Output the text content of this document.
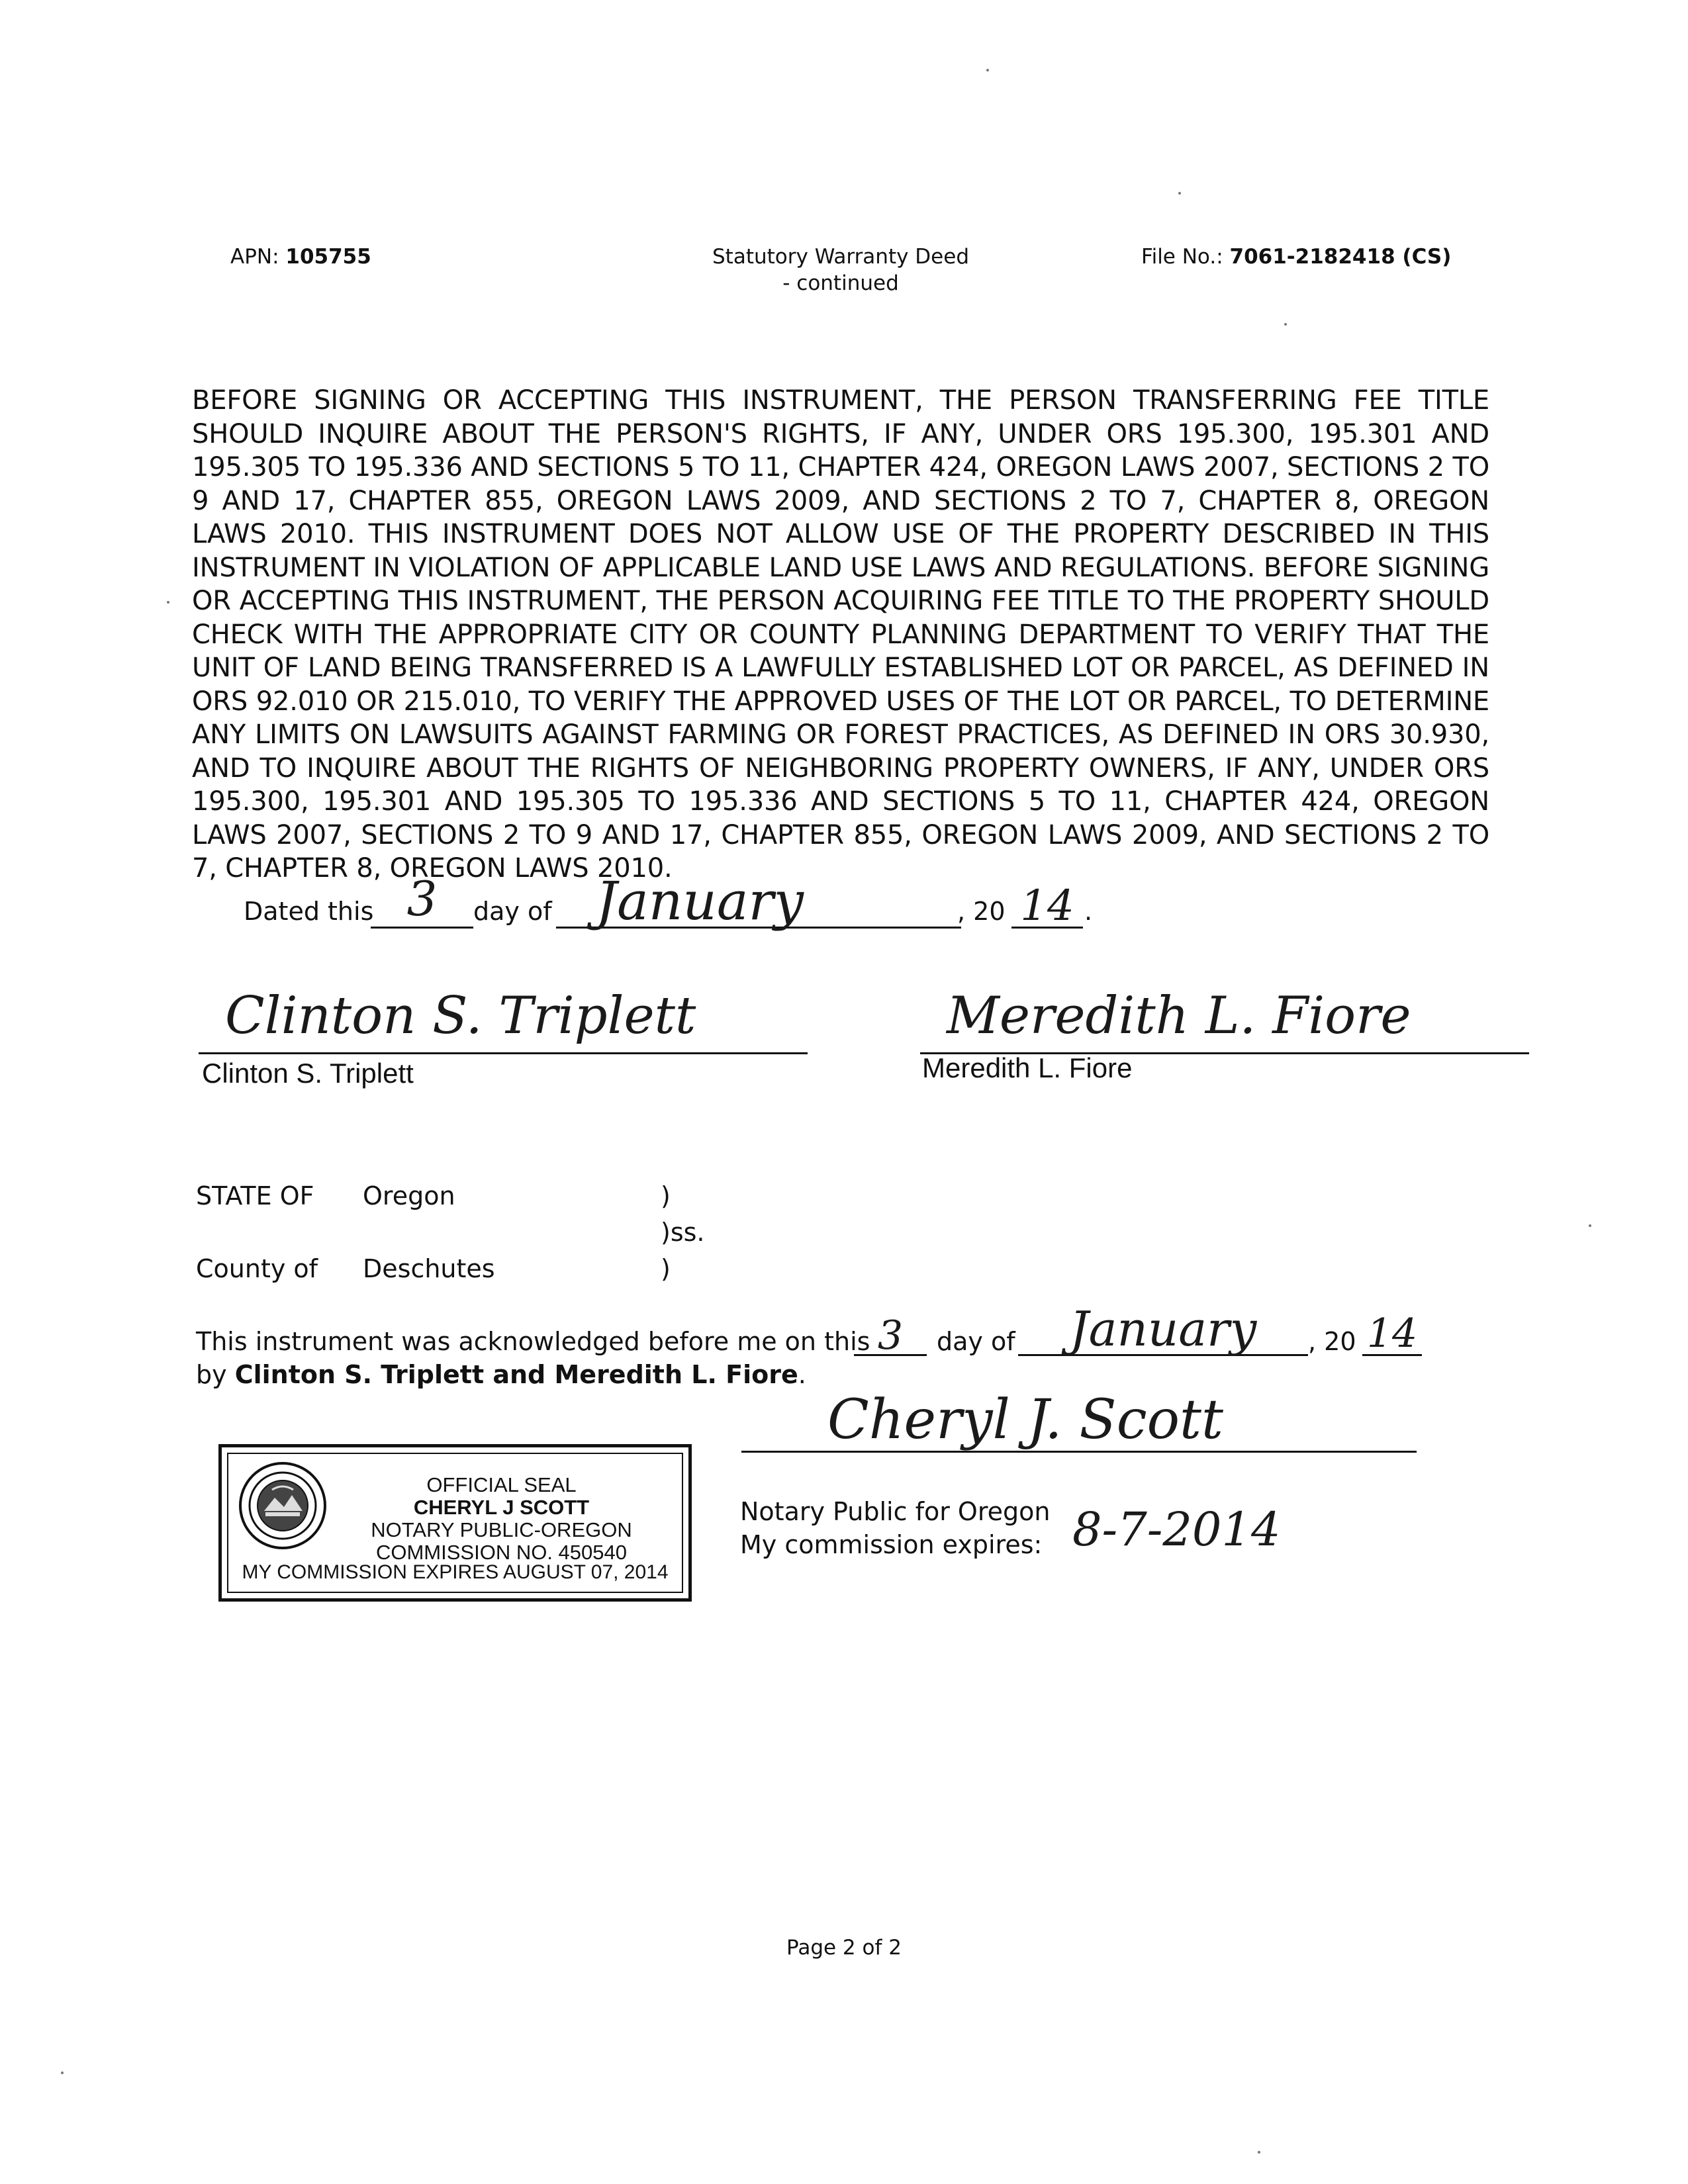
APN: 105755	Statutory Warranty Deed
- continued
File No.: 7061-2182418 (CS)
BEFORE SIGNING OR ACCEPTING THIS INSTRUMENT, THE PERSON TRANSFERRING FEE TITLE SHOULD INQUIRE ABOUT THE PERSON'S RIGHTS, IF ANY, UNDER ORS 195.300, 195.301 AND 195.305 TO 195.336 AND SECTIONS 5 TO 11, CHAPTER 424, OREGON LAWS 2007, SECTIONS 2 TO 9 AND 17, CHAPTER 855, OREGON LAWS 2009, AND SECTIONS 2 TO 7, CHAPTER 8, OREGON LAWS 2010. THIS INSTRUMENT DOES NOT ALLOW USE OF THE PROPERTY DESCRIBED IN THIS INSTRUMENT IN VIOLATION OF APPLICABLE LAND USE LAWS AND REGULATIONS. BEFORE SIGNING OR ACCEPTING THIS INSTRUMENT, THE PERSON ACQUIRING FEE TITLE TO THE PROPERTY SHOULD CHECK WITH THE APPROPRIATE CITY OR COUNTY PLANNING DEPARTMENT TO VERIFY THAT THE UNIT OF LAND BEING TRANSFERRED IS A LAWFULLY ESTABLISHED LOT OR PARCEL, AS DEFINED IN ORS 92.010 OR 215.010, TO VERIFY THE APPROVED USES OF THE LOT OR PARCEL, TO DETERMINE ANY LIMITS ON LAWSUITS AGAINST FARMING OR FOREST PRACTICES, AS DEFINED IN ORS 30.930, AND TO INQUIRE ABOUT THE RIGHTS OF NEIGHBORING PROPERTY OWNERS, IF ANY, UNDER ORS 195.300, 195.301 AND 195.305 TO 195.336 AND SECTIONS 5 TO 11, CHAPTER 424, OREGON LAWS 2007, SECTIONS 2 TO 9 AND 17, CHAPTER 855, OREGON LAWS 2009, AND SECTIONS 2 TO 7, CHAPTER 8, OREGON LAWS 2010.
Dated this 3	day of January	, 20 14 .
Clinton S. Triplett
Clinton S. Triplett
Meredith L. Fiore
Meredith L. Fiore
STATE OF Oregon	)
)ss.
County of Deschutes	)
This instrument was acknowledged before me on this 3	day of	January	, 20 14
by Clinton S. Triplett and Meredith L. Fiore.
Cheryl J. Scott
Notary Public for Oregon
My commission expires: 8-7-2014
OFFICIAL SEAL
CHERYL J SCOTT
NOTARY PUBLIC-OREGON
COMMISSION NO. 450540
MY COMMISSION EXPIRES AUGUST 07, 2014
Page 2 of 2
